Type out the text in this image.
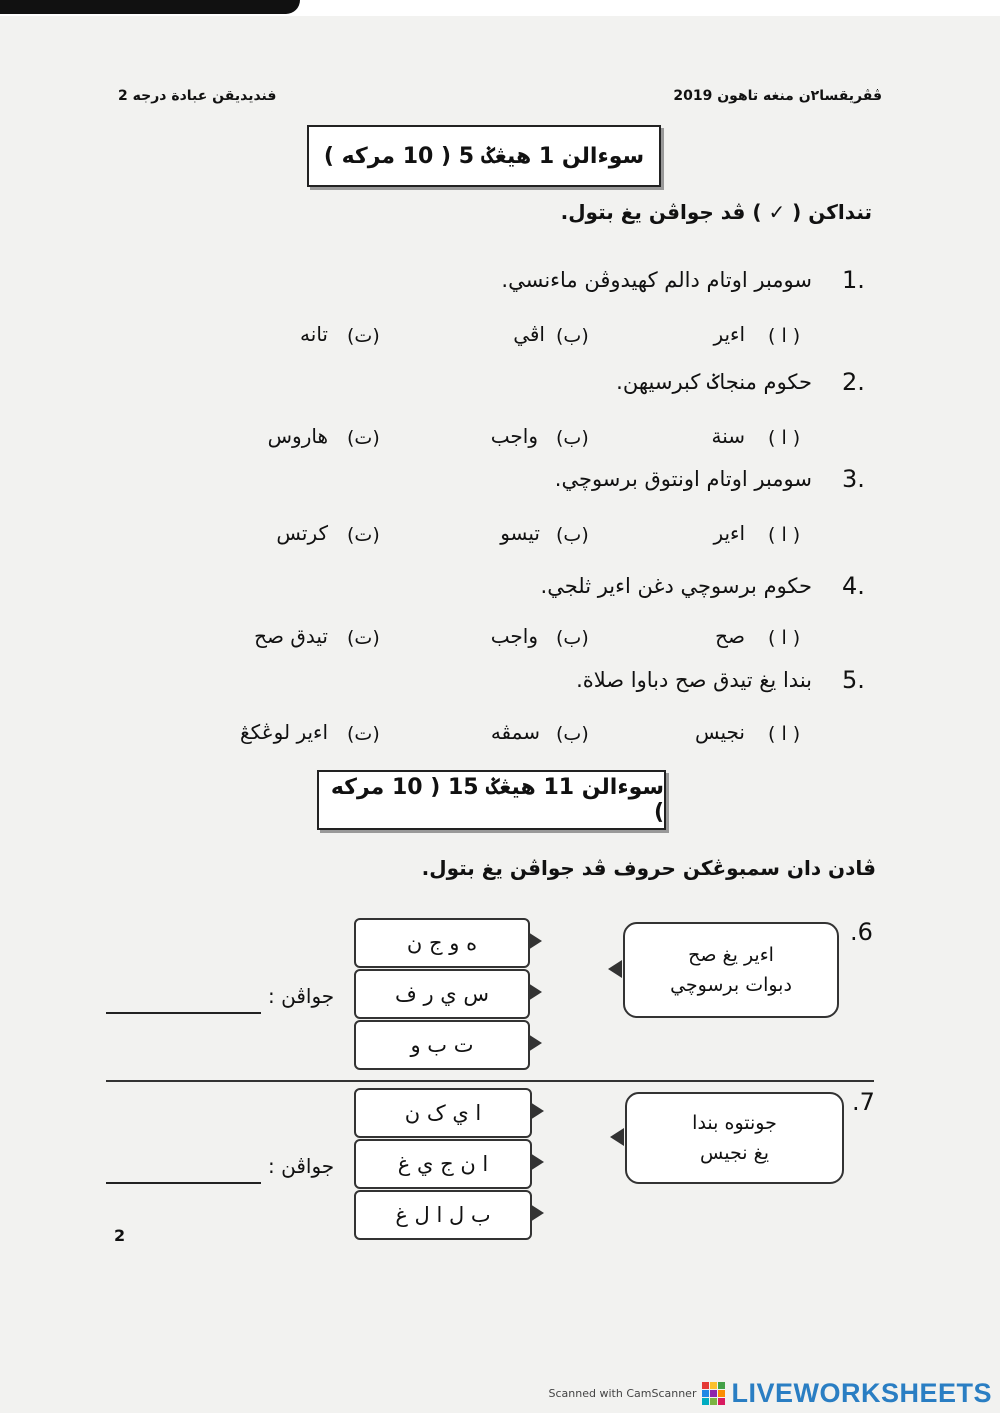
فنديديقن عبادة درجه 2	ڤڤريقسا٢ن منغه تاهون 2019
سوءالن 1 هيڠݢ 5 ( 10 مركه )
تنداكن ( ✓ ) ڤد جواڤن يغ بتول.
1.
سومبر اوتام دالم كهيدوڤن ماءنسي.
( ا )
اءير
(ب)
اڤي
(ت)
تانه
2.
حكوم منجاݢ كبرسيهن.
( ا )
سنة
(ب)
واجب
(ت)
هاروس
3.
سومبر اوتام اونتوق برسوچي.
( ا )
اءير
(ب)
تيسو
(ت)
كرتس
4.
حكوم برسوچي دغن اءير ثلجي.
( ا )
صح
(ب)
واجب
(ت)
تيدق صح
5.
بندا يغ تيدق صح دباوا صلاة.
( ا )
نجيس
(ب)
سمڤه
(ت)
اءير لوڠكڠ
سوءالن 11 هيڠݢ 15 ( 10 مركه )
ڤادن دان سمبوڠكن حروف ڤد جواڤن يغ بتول.
.6
اءير يغ صح
دبوات برسوچي
ه و ج ن
س ي ر ف
ت ب و
جواڤن :
.7
جونتوه بندا
يغ نجيس
ا ي ک ن
ا ن ج ي غ
ب ل ا ل غ
جواڤن :
2
Scanned with CamScanner LIVEWORKSHEETS
